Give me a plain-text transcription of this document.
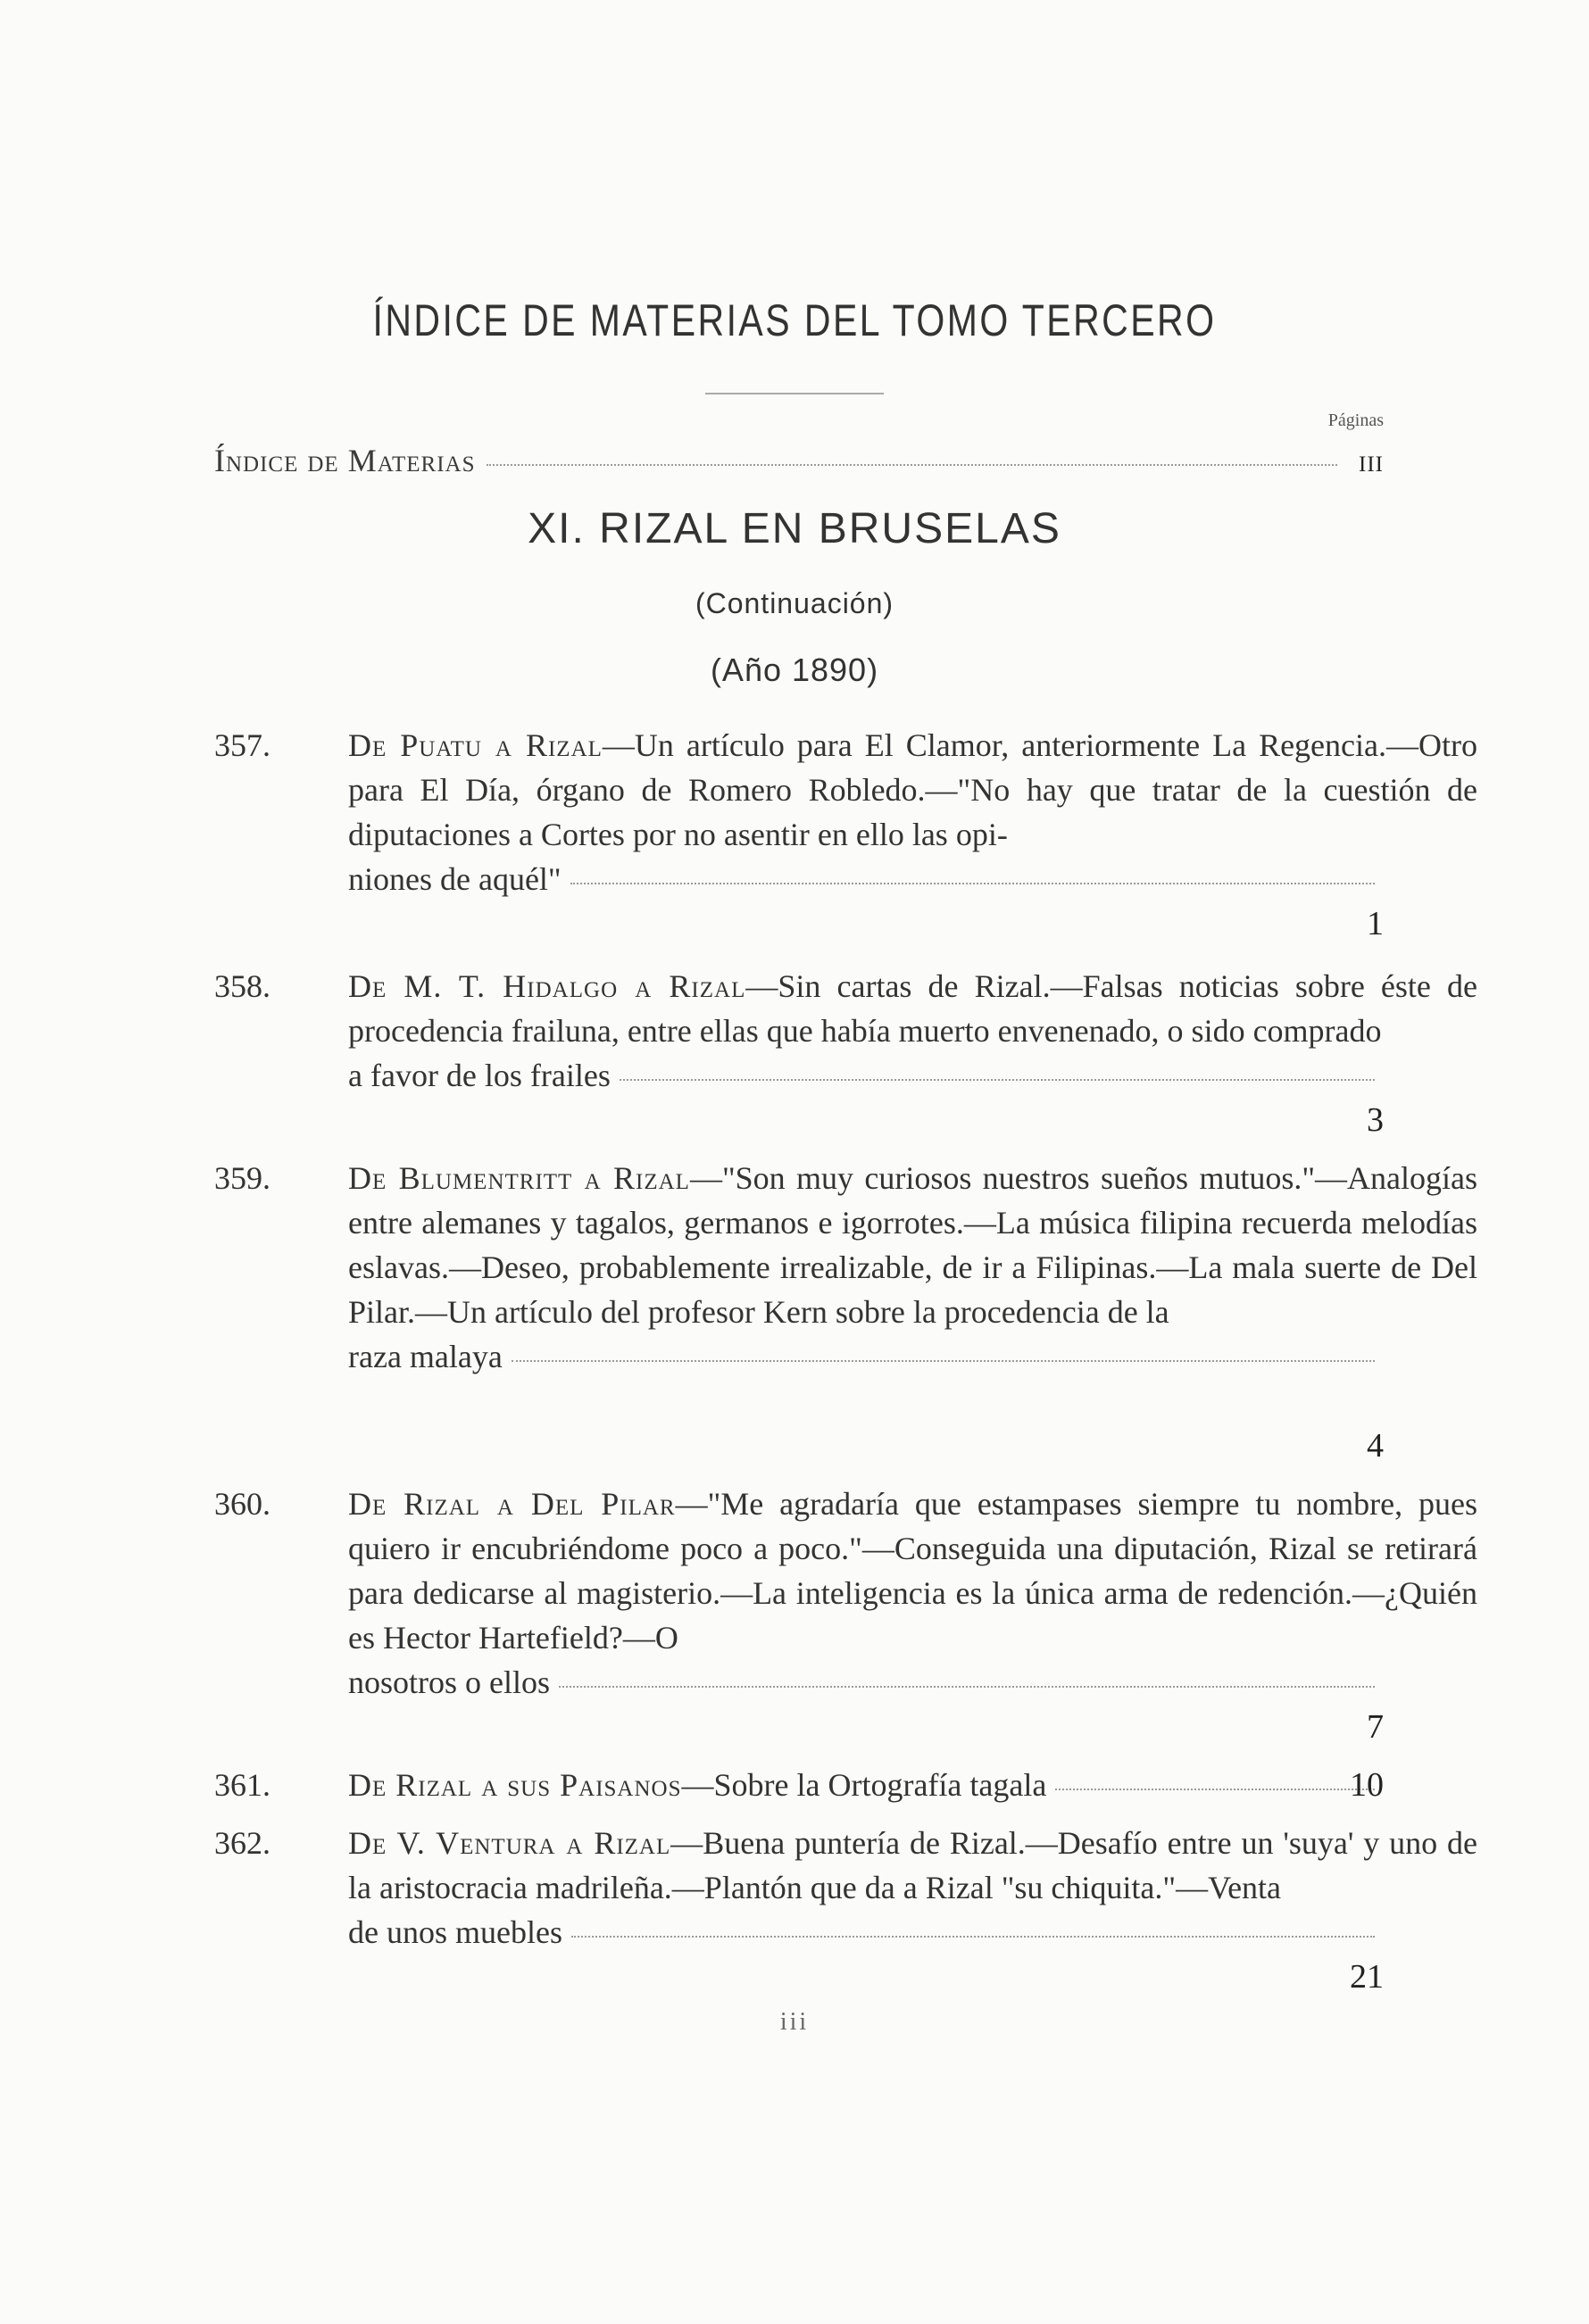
ÍNDICE DE MATERIAS DEL TOMO TERCERO
Páginas
Índice de Materias	iii
XI. RIZAL EN BRUSELAS
(Continuación)
(Año 1890)
357. De Puatu a Rizal—Un artículo para El Clamor, anteriormente La Regencia.—Otro para El Día, órgano de Romero Robledo.—"No hay que tratar de la cuestión de diputaciones a Cortes por no asentir en ello las opi-
niones de aquél"
1
358. De M. T. Hidalgo a Rizal—Sin cartas de Rizal.—Falsas noticias sobre éste de procedencia frailuna, entre ellas que había muerto envenenado, o sido comprado
a favor de los frailes
3
359. De Blumentritt a Rizal—"Son muy curiosos nuestros sueños mutuos."—Analogías entre alemanes y tagalos, germanos e igorrotes.—La música filipina recuerda melodías eslavas.—Deseo, probablemente irrealizable, de ir a Filipinas.—La mala suerte de Del Pilar.—Un artículo del profesor Kern sobre la procedencia de la
raza malaya
4
360. De Rizal a Del Pilar—"Me agradaría que estampases siempre tu nombre, pues quiero ir encubriéndome poco a poco."—Conseguida una diputación, Rizal se retirará para dedicarse al magisterio.—La inteligencia es la única arma de redención.—¿Quién es Hector Hartefield?—O
nosotros o ellos
7
361. De Rizal a sus Paisanos —Sobre la Ortografía tagala	10
362. De V. Ventura a Rizal—Buena puntería de Rizal.—Desafío entre un 'suya' y uno de la aristocracia madrileña.—Plantón que da a Rizal "su chiquita."—Venta
de unos muebles
21
iii
